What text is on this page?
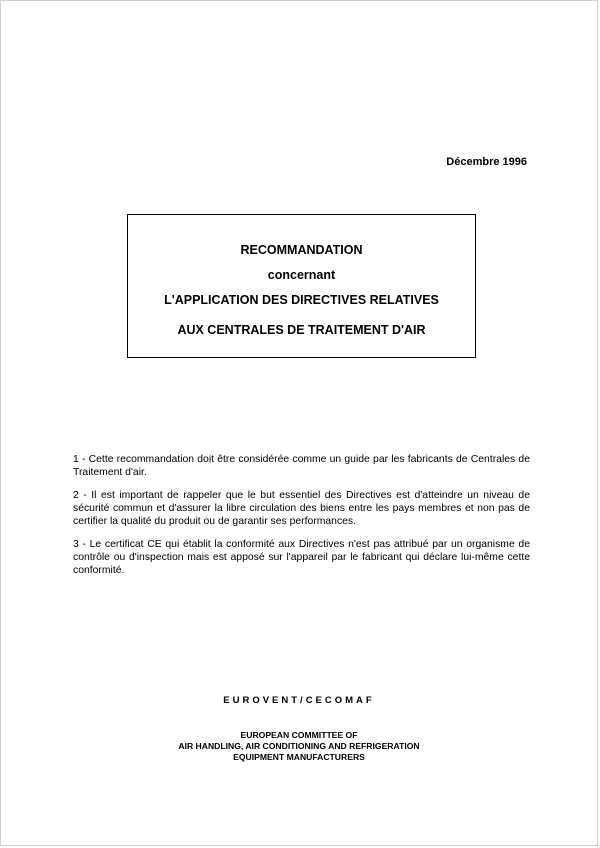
Décembre 1996
RECOMMANDATION
concernant
L'APPLICATION DES DIRECTIVES RELATIVES
AUX CENTRALES DE TRAITEMENT D'AIR

1 - Cette recommandation doit être considérée comme un guide par les fabricants de Centrales de Traitement d'air.

2 - Il est important de rappeler que le but essentiel des Directives est d'atteindre un niveau de sécurité commun et d'assurer la libre circulation des biens entre les pays membres et non pas de certifier la qualité du produit ou de garantir ses performances.

3 - Le certificat CE qui établit la conformité aux Directives n'est pas attribué par un organisme de contrôle ou d'inspection mais est apposé sur l'appareil par le fabricant qui déclare lui-même cette conformité.

EUROVENT/CECOMAF
EUROPEAN COMMITTEE OF
AIR HANDLING, AIR CONDITIONING AND REFRIGERATION
EQUIPMENT MANUFACTURERS
